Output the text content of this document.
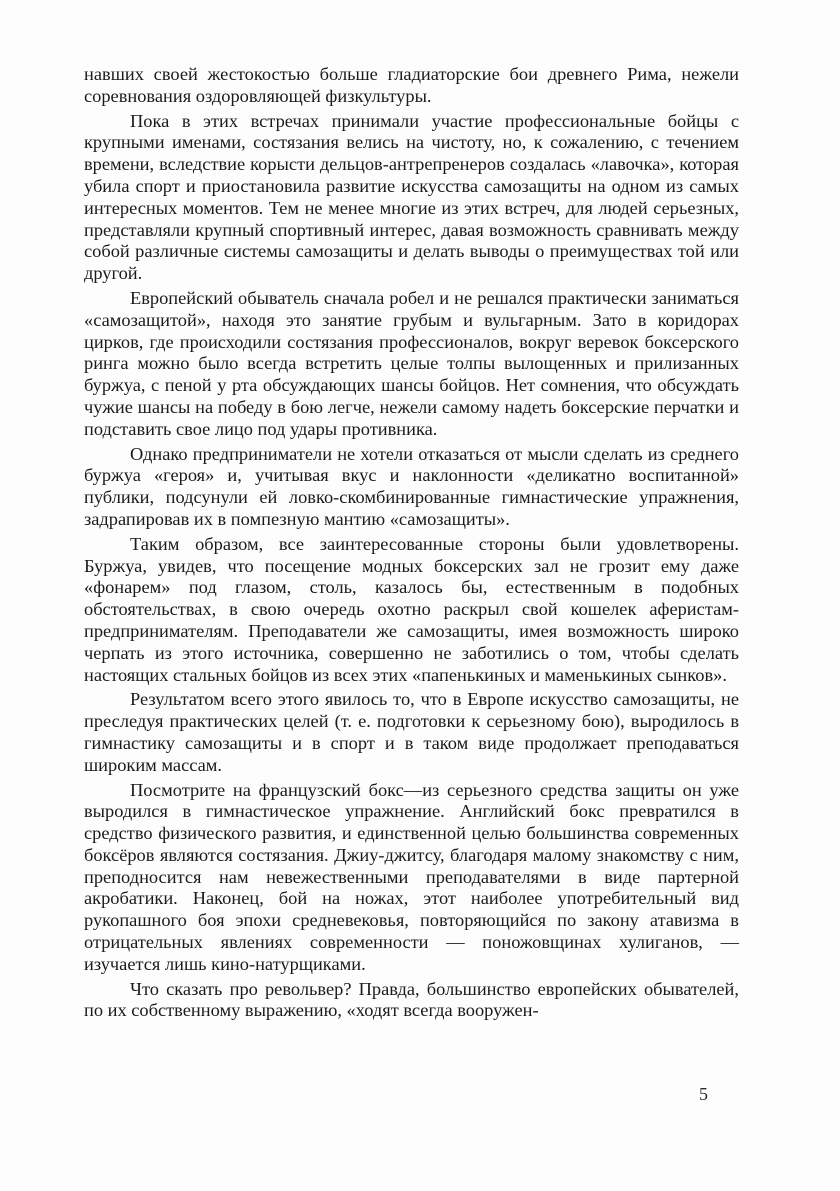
навших своей жестокостью больше гладиаторские бои древнего Рима, нежели соревнования оздоровляющей физкультуры.

Пока в этих встречах принимали участие профессиональные бойцы с крупными именами, состязания велись на чистоту, но, к сожалению, с течением времени, вследствие корысти дельцов-антрепренеров создалась «лавочка», которая убила спорт и приостановила развитие искусства самозащиты на одном из самых интересных моментов. Тем не менее многие из этих встреч, для людей серьезных, представляли крупный спортивный интерес, давая возможность сравнивать между собой различные системы самозащиты и делать выводы о преимуществах той или другой.

Европейский обыватель сначала робел и не решался практически заниматься «самозащитой», находя это занятие грубым и вульгарным. Зато в коридорах цирков, где происходили состязания профессионалов, вокруг веревок боксерского ринга можно было всегда встретить целые толпы вылощенных и прилизанных буржуа, с пеной у рта обсуждающих шансы бойцов. Нет сомнения, что обсуждать чужие шансы на победу в бою легче, нежели самому надеть боксерские перчатки и подставить свое лицо под удары противника.

Однако предприниматели не хотели отказаться от мысли сделать из среднего буржуа «героя» и, учитывая вкус и наклонности «деликатно воспитанной» публики, подсунули ей ловко-скомбинированные гимнастические упражнения, задрапировав их в помпезную мантию «самозащиты».

Таким образом, все заинтересованные стороны были удовлетворены. Буржуа, увидев, что посещение модных боксерских зал не грозит ему даже «фонарем» под глазом, столь, казалось бы, естественным в подобных обстоятельствах, в свою очередь охотно раскрыл свой кошелек аферистам-предпринимателям. Преподаватели же самозащиты, имея возможность широко черпать из этого источника, совершенно не заботились о том, чтобы сделать настоящих стальных бойцов из всех этих «папенькиных и маменькиных сынков».

Результатом всего этого явилось то, что в Европе искусство самозащиты, не преследуя практических целей (т. е. подготовки к серьезному бою), выродилось в гимнастику самозащиты и в спорт и в таком виде продолжает преподаваться широким массам.

Посмотрите на французский бокс—из серьезного средства защиты он уже выродился в гимнастическое упражнение. Английский бокс превратился в средство физического развития, и единственной целью большинства современных боксёров являются состязания. Джиу-джитсу, благодаря малому знакомству с ним, преподносится нам невежественными преподавателями в виде партерной акробатики. Наконец, бой на ножах, этот наиболее употребительный вид рукопашного боя эпохи средневековья, повторяющийся по закону атавизма в отрицательных явлениях современности — поножовщинах хулиганов, — изучается лишь кино-натурщиками.

Что сказать про револьвер? Правда, большинство европейских обывателей, по их собственному выражению, «ходят всегда вооружен-

5
